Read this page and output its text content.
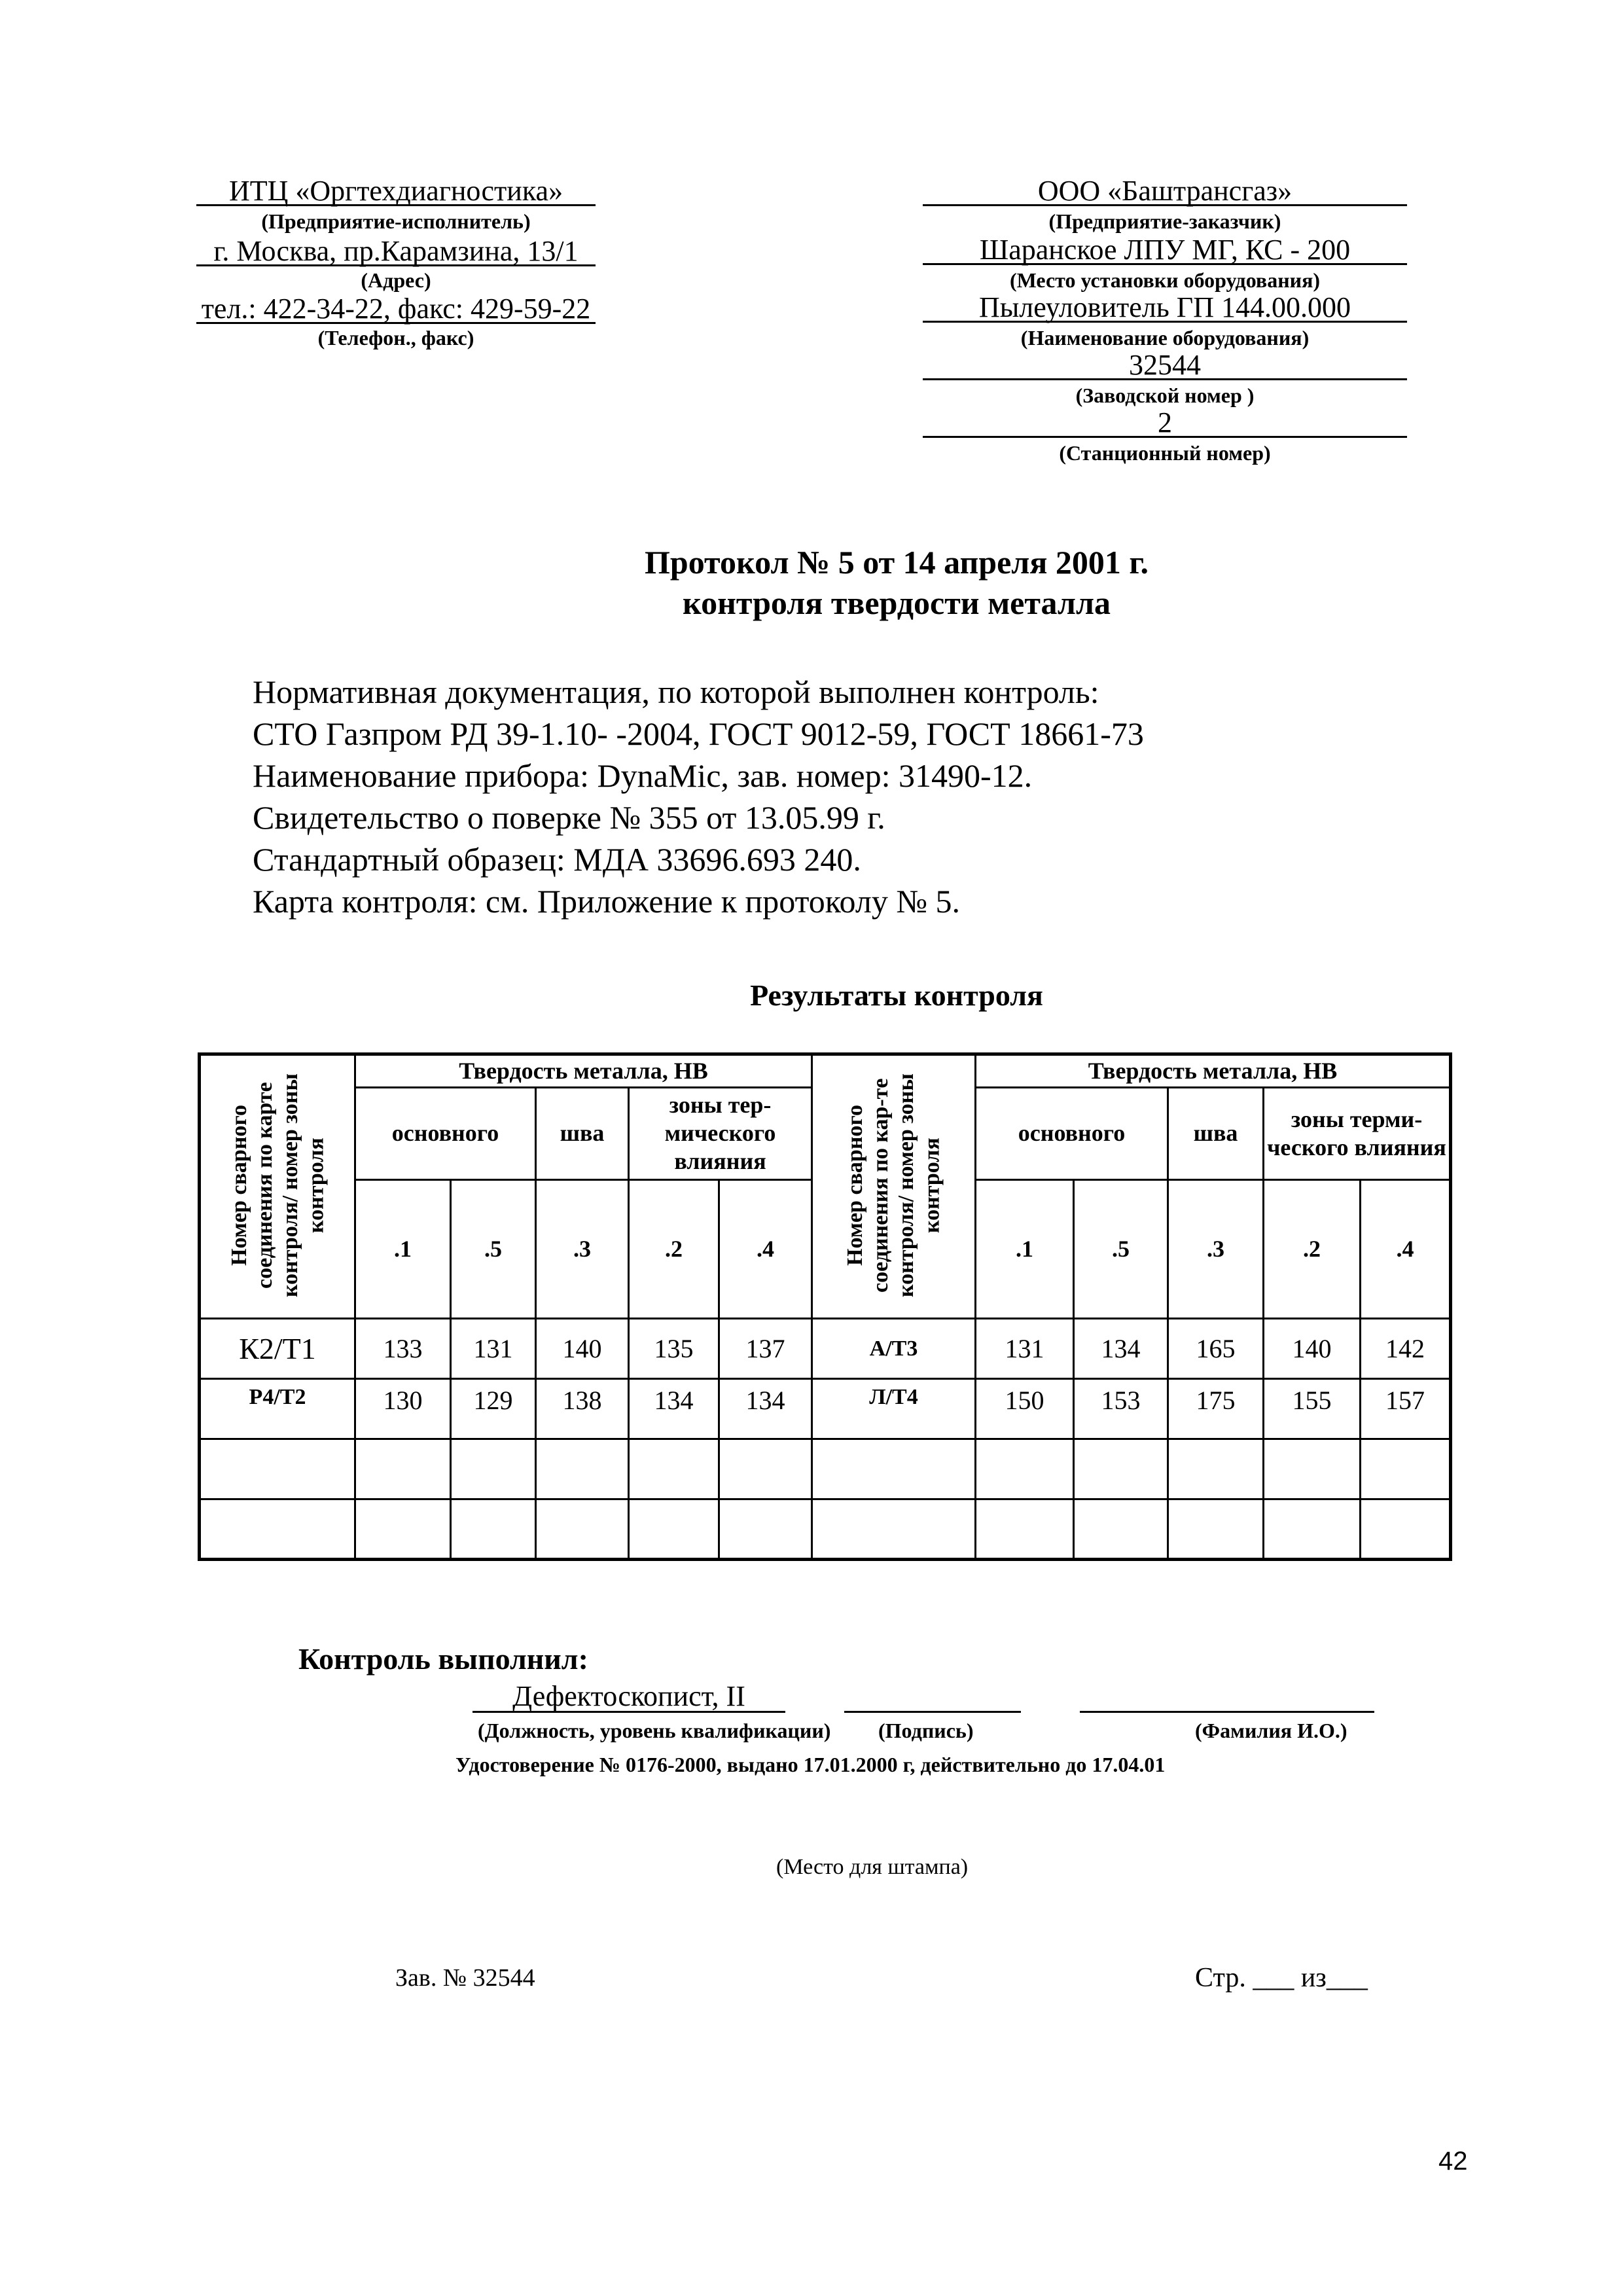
ИТЦ «Оргтехдиагностика»
(Предприятие-исполнитель)
г. Москва, пр.Карамзина, 13/1
(Адрес)
тел.: 422-34-22, факс: 429-59-22
(Телефон., факс)
ООО «Баштрансгаз»
(Предприятие-заказчик)
Шаранское ЛПУ МГ, КС - 200
(Место установки оборудования)
Пылеуловитель ГП 144.00.000
(Наименование оборудования)
32544
(Заводской номер )
2
(Станционный номер)
Протокол № 5 от 14 апреля 2001 г.
контроля твердости металла
Нормативная документация, по которой выполнен контроль:
СТО Газпром РД 39-1.10- -2004, ГОСТ 9012-59, ГОСТ 18661-73
Наименование прибора: DynaMic, зав. номер: 31490-12.
Свидетельство о поверке № 355 от 13.05.99 г.
Стандартный образец: МДА 33696.693 240.
Карта контроля: см. Приложение к протоколу № 5.
Результаты контроля
Номер сварного соединения по карте контроля/ номер зоны контроля	Твердость металла, НВ					Номер сварного соединения по кар-те контроля/ номер зоны контроля	Твердость металла, НВ				
	основного		шва	зоны тер-мического влияния			основного		шва	зоны терми-ческого влияния	
	.1	.5	.3	.2	.4		.1	.5	.3	.2	.4
К2/Т1	133	131	140	135	137	А/Т3	131	134	165	140	142
Р4/Т2	130	129	138	134	134	Л/Т4	150	153	175	155	157

Контроль выполнил:
Дефектоскопист, II
(Должность, уровень квалификации) (Подпись)	(Фамилия И.О.)
Удостоверение № 0176-2000, выдано 17.01.2000 г, действительно до 17.04.01
(Место для штампа)
Зав. № 32544	Стр. ___ из___
42
